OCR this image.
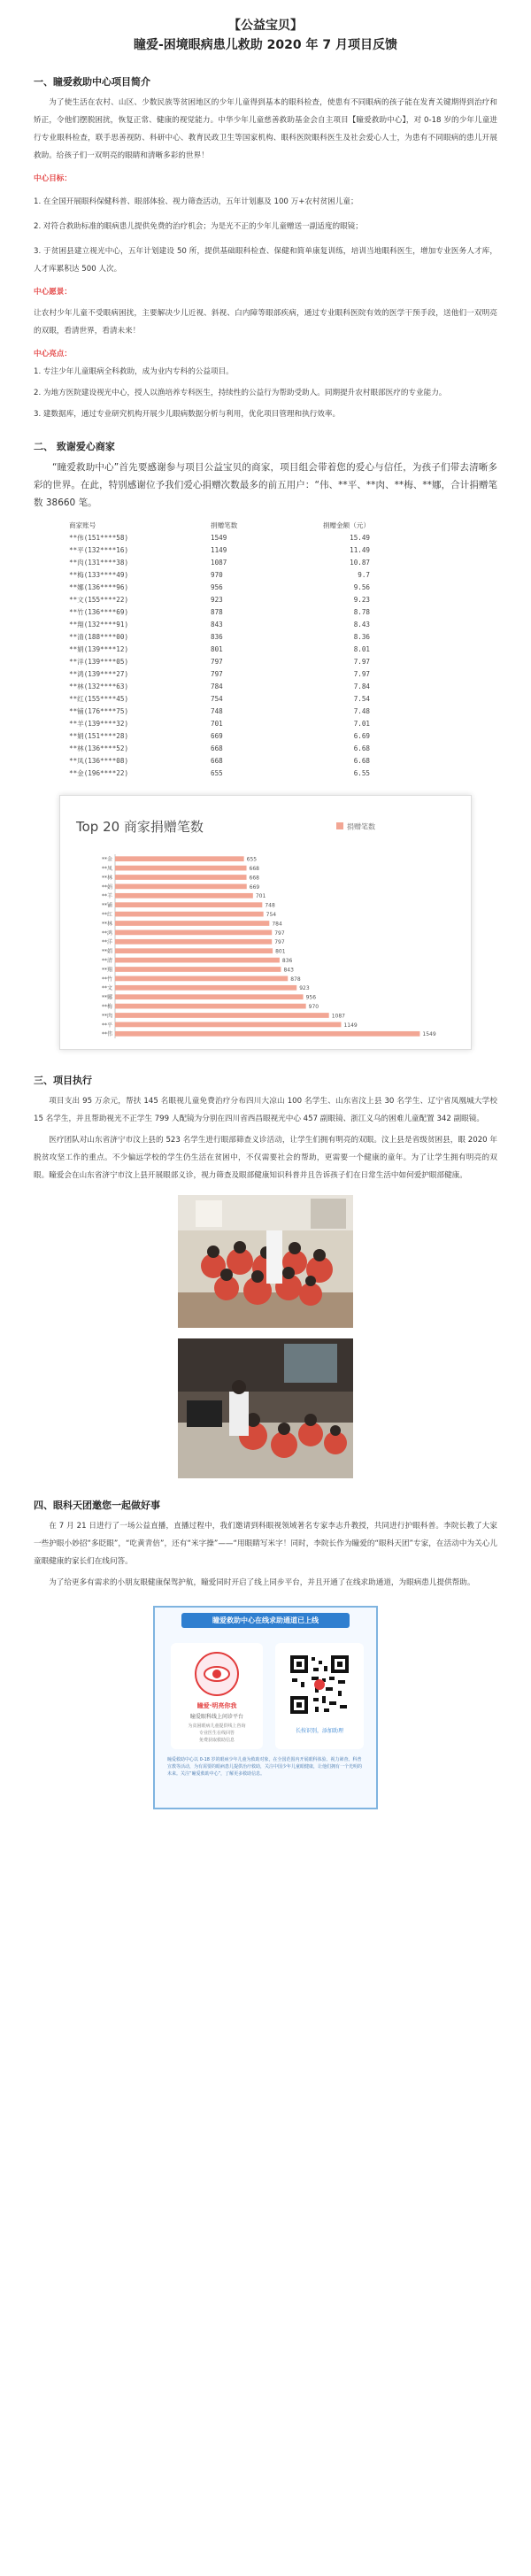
【公益宝贝】
瞳爱-困境眼病患儿救助 2020 年 7 月项目反馈
一、瞳爱救助中心项目简介

为了使生活在农村、山区、少数民族等贫困地区的少年儿童得到基本的眼科检查，使患有不同眼病的孩子能在发育关键期得到治疗和矫正，令他们摆脱困扰，恢复正常、健康的视觉能力。中华少年儿童慈善救助基金会自主项目【瞳爱救助中心】，对 0-18 岁的少年儿童进行专业眼科检查，联手思善视防、科研中心、教育民政卫生等国家机构、眼科医院眼科医生及社会爱心人士，为患有不同眼病的患儿开展救助。给孩子们一双明亮的眼睛和清晰多彩的世界！

中心目标：

1. 在全国开展眼科保健科普、眼部体验、视力筛查活动，五年计划惠及 100 万+农村贫困儿童；

2. 对符合救助标准的眼病患儿提供免费的治疗机会；为是光不正的少年儿童赠送一副适度的眼镜；

3. 于贫困县建立视光中心，五年计划建设 50 所，提供基础眼科检查、保健和简单康复训练，培训当地眼科医生，增加专业医务人才库，人才库累积达 500 人次。

中心愿景：

让农村少年儿童不受眼病困扰，主要解决少儿近视、斜视、白内障等眼部疾病，通过专业眼科医院有效的医学干预手段，送他们一双明亮的双眼，看清世界，看清未来！

中心亮点：

1. 专注少年儿童眼病全科救助，成为业内专科的公益项目。

2. 为地方医院建设视光中心，授人以渔培养专科医生，持续性的公益行为帮助受助人。同期提升农村眼部医疗的专业能力。

3. 建数据库，通过专业研究机构开展少儿眼病数据分析与利用，优化项目管理和执行效率。

二、 致谢爱心商家

“瞳爱救助中心”首先要感谢参与项目公益宝贝的商家，项目组会带着您的爱心与信任，为孩子们带去清晰多彩的世界。在此，特别感谢位予我们爱心捐赠次数最多的前五用户：“伟、**平、**肉、**梅、**娜，合计捐赠笔数 38660 笔。

商家账号	捐赠笔数	捐赠金额（元）
**伟(151****58)	1549	15.49
**平(132****16)	1149	11.49
**肉(131****38)	1087	10.87
**梅(133****49)	970	9.7
**娜(136****96)	956	9.56
**文(155****22)	923	9.23
**竹(136****69)	878	8.78
**翔(132****91)	843	8.43
**清(188****00)	836	8.36
**娟(139****12)	801	8.01
**洋(139****05)	797	7.97
**鸿(139****27)	797	7.97
**林(132****63)	784	7.84
**红(155****45)	754	7.54
**铺(176****75)	748	7.48
**羊(139****32)	701	7.01
**娟(151****28)	669	6.69
**林(136****52)	668	6.68
**凤(136****08)	668	6.68
**金(196****22)	655	6.55
Top 20 商家捐赠笔数	捐赠笔数
**金	655
**凤	668
**林	668
**娟	669
**羊	701
**铺	748
**红	754
**林	784
**鸿	797
**洋	797
**娟	801
**清	836
**翔	843
**竹	878
**文	923
**娜	956
**梅	970
**肉	1087
**平	1149
**伟	1549
三、项目执行

项目支出 95 万余元，帮扶 145 名眼视儿童免费治疗分布四川大凉山 100 名学生、山东省汶上县 30 名学生、辽宁省凤凰城大学校 15 名学生，并且帮助视光不正学生 799 人配镜为分别在四川省西昌眼视光中心 457 副眼镜、浙江义乌的困难儿童配置 342 副眼镜。

医疗团队对山东省济宁市汶上县的 523 名学生进行眼部筛查义诊活动，让学生们拥有明亮的双眼。汶上县是省级贫困县，眼 2020 年脱贫攻坚工作的重点。不少偏远学校的学生仍生活在贫困中，不仅需要社会的帮助，更需要一个健康的童年。为了让学生拥有明亮的双眼。瞳爱会在山东省济宁市汶上县开展眼部义诊，视力筛查及眼部健康知识科普并且告诉孩子们在日常生活中如何爱护眼部健康。

四、眼科天团邀您一起做好事

在 7 月 21 日进行了一场公益直播，直播过程中，我们邀请到科眼视领域著名专家李志升教授，共同进行护眼科普。李院长教了大家一些护眼小妙招“多眨眼”，“吃黄青倍”，还有“米字操”——“用眼睛写米字！同时，李院长作为瞳爱的“眼科天团”专家，在活动中为关心儿童眼健康的家长们在线问答。

为了给更多有需求的小朋友眼健康保驾护航，瞳爱同时开启了线上同步平台，并且开通了在线求助通道，为眼病患儿提供帮助。

瞳爱救助中心在线求助通道已上线
瞳爱·明亮你我
瞳爱眼科线上问诊平台
为贫困眼病儿童提供线上咨询
专业医生在线回答
免费获取救助信息
长按识别，添加助理
瞳爱救助中心以 0-18 岁的眼病少年儿童为救助对象，在全国范围内开展眼科体验、视力筛查、科普宣教等活动，为有需要的眼病患儿提供治疗救助，关注中国少年儿童眼健康，让他们拥有一个光明的未来。关注“瞳爱救助中心”，了解更多救助信息。
